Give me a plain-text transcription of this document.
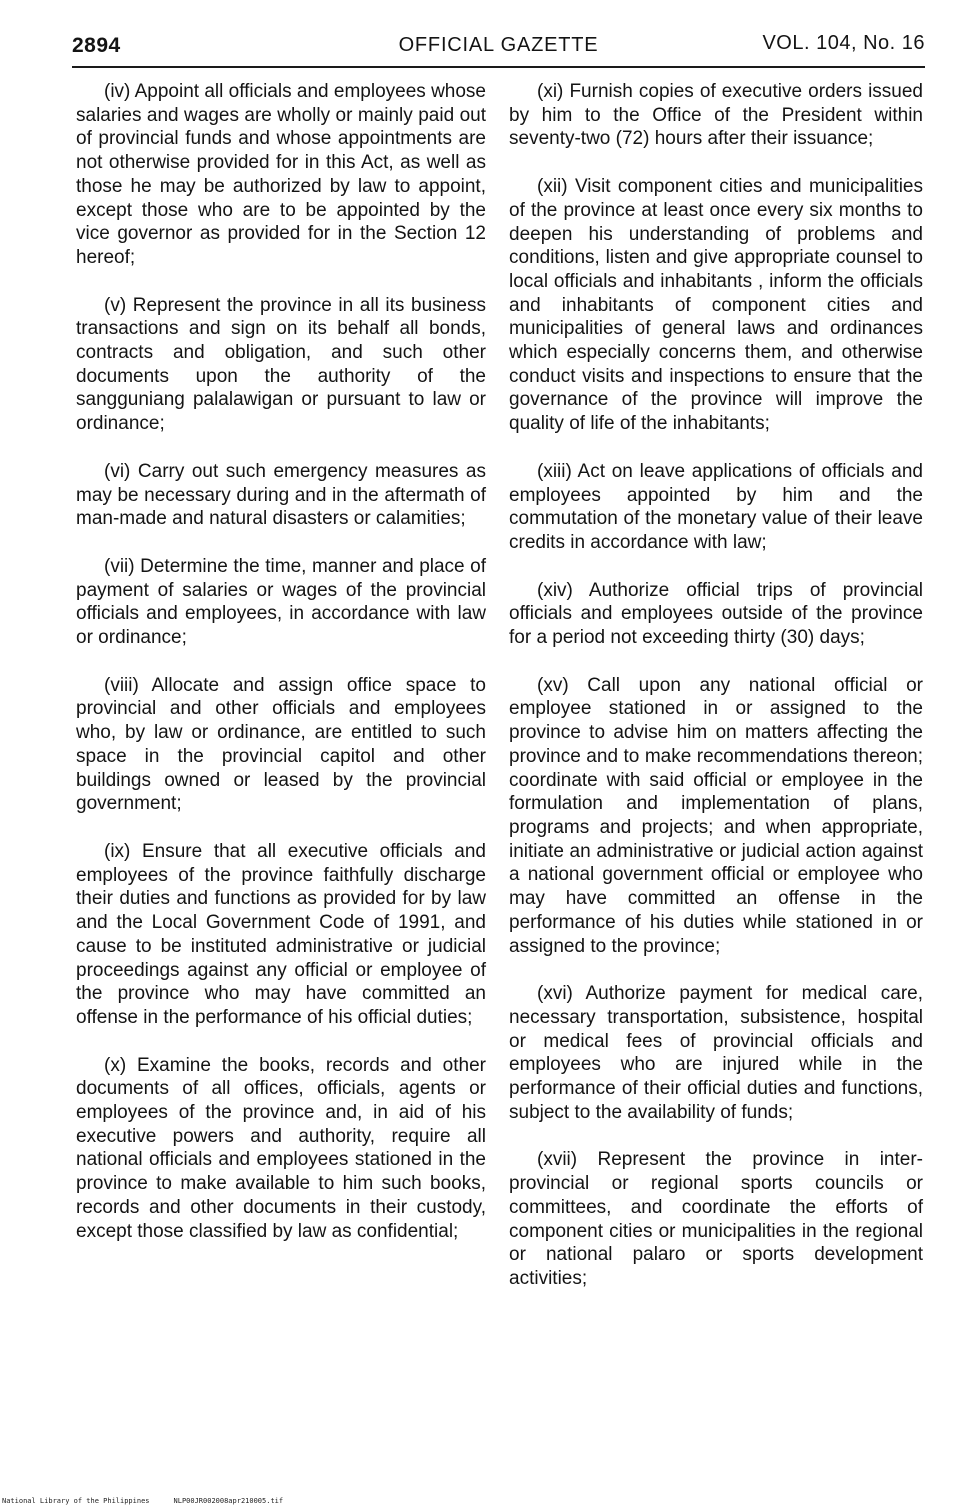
2894	OFFICIAL GAZETTE	VOL. 104, No. 16

(iv) Appoint all officials and employees whose salaries and wages are wholly or mainly paid out of provincial funds and whose appointments are not otherwise provided for in this Act, as well as those he may be authorized by law to appoint, except those who are to be appointed by the vice governor as provided for in the Section 12 hereof;

(v) Represent the province in all its business transactions and sign on its behalf all bonds, contracts and obligation, and such other documents upon the authority of the sangguniang palalawigan or pursuant to law or ordinance;

(vi) Carry out such emergency measures as may be necessary during and in the aftermath of man-made and natural disasters or calamities;

(vii) Determine the time, manner and place of payment of salaries or wages of the provincial officials and employees, in accordance with law or ordinance;

(viii) Allocate and assign office space to provincial and other officials and employees who, by law or ordinance, are entitled to such space in the provincial capitol and other buildings owned or leased by the provincial government;

(ix) Ensure that all executive officials and employees of the province faithfully discharge their duties and functions as provided for by law and the Local Government Code of 1991, and cause to be instituted administrative or judicial proceedings against any official or employee of the province who may have committed an offense in the performance of his official duties;

(x) Examine the books, records and other documents of all offices, officials, agents or employees of the province and, in aid of his executive powers and authority, require all national officials and employees stationed in the province to make available to him such books, records and other documents in their custody, except those classified by law as confidential;

(xi) Furnish copies of executive orders issued by him to the Office of the President within seventy-two (72) hours after their issuance;

(xii) Visit component cities and municipalities of the province at least once every six months to deepen his understanding of problems and conditions, listen and give appropriate counsel to local officials and inhabitants , inform the officials and inhabitants of component cities and municipalities of general laws and ordinances which especially concerns them, and otherwise conduct visits and inspections to ensure that the governance of the province will improve the quality of life of the inhabitants;

(xiii) Act on leave applications of officials and employees appointed by him and the commutation of the monetary value of their leave credits in accordance with law;

(xiv) Authorize official trips of provincial officials and employees outside of the province for a period not exceeding thirty (30) days;

(xv) Call upon any national official or employee stationed in or assigned to the province to advise him on matters affecting the province and to make recommendations thereon; coordinate with said official or employee in the formulation and implementation of plans, programs and projects; and when appropriate, initiate an administrative or judicial action against a national government official or employee who may have committed an offense in the performance of his duties while stationed in or assigned to the province;

(xvi) Authorize payment for medical care, necessary transportation, subsistence, hospital or medical fees of provincial officials and employees who are injured while in the performance of their official duties and functions, subject to the availability of funds;

(xvii) Represent the province in inter-provincial or regional sports councils or committees, and coordinate the efforts of component cities or municipalities in the regional or national palaro or sports development activities;

National Library of the Philippines	NLP00JR002008apr210005.tif
